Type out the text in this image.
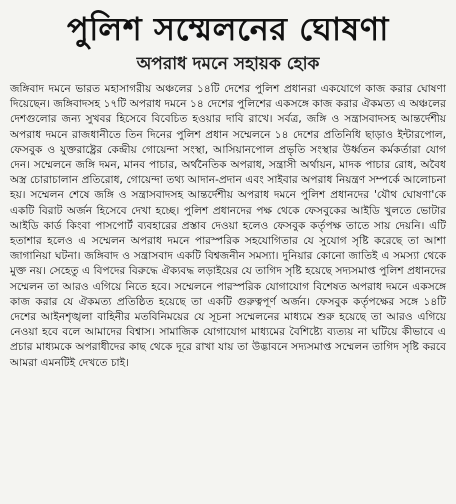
পুলিশ সম্মেলনের ঘোষণা
অপরাধ দমনে সহায়ক হোক

জঙ্গিবাদ দমনে ভারত মহাসাগরীয় অঞ্চলের ১৪টি দেশের পুলিশ প্রধানরা একযোগে কাজ করার ঘোষণা দিয়েছেন। জঙ্গিবাদসহ ১৭টি অপরাধ দমনে ১৪ দেশের পুলিশের একসঙ্গে কাজ করার ঐকমত্য এ অঞ্চলের দেশগুলোর জন্য সুখবর হিসেবে বিবেচিত হওয়ার দাবি রাখে। সর্বত্র, জঙ্গি ও সন্ত্রাসবাদসহ আন্তর্দেশীয় অপরাধ দমনে রাজধানীতে তিন দিনের পুলিশ প্রধান সম্মেলনে ১৪ দেশের প্রতিনিধি ছাড়াও ইন্টারপোল, ফেসবুক ও যুক্তরাষ্ট্রের কেন্দ্রীয় গোয়েন্দা সংস্থা, আসিয়ানপোল প্রভৃতি সংস্থার উর্ধ্বতন কর্মকর্তারা যোগ দেন। সম্মেলনে জঙ্গি দমন, মানব পাচার, অর্থনৈতিক অপরাধ, সন্ত্রাসী অর্থায়ন, মাদক পাচার রোধ, অবৈধ অস্ত্র চোরাচালান প্রতিরোধ, গোয়েন্দা তথ্য আদান-প্রদান এবং সাইবার অপরাধ নিয়ন্ত্রণ সম্পর্কে আলোচনা হয়। সম্মেলন শেষে জঙ্গি ও সন্ত্রাসবাদসহ আন্তর্দেশীয় অপরাধ দমনে পুলিশ প্রধানদের 'যৌথ ঘোষণা'কে একটি বিরাট অর্জন হিসেবে দেখা হচ্ছে। পুলিশ প্রধানদের পক্ষ থেকে ফেসবুকের আইডি খুলতে ভোটার আইডি কার্ড কিংবা পাসপোর্ট ব্যবহারের প্রস্তাব দেওয়া হলেও ফেসবুক কর্তৃপক্ষ তাতে সায় দেয়নি। এটি হতাশার হলেও এ সম্মেলন অপরাধ দমনে পারস্পরিক সহযোগিতার যে সুযোগ সৃষ্টি করেছে তা আশা জাগানিয়া ঘটনা। জঙ্গিবাদ ও সন্ত্রাসবাদ একটি বিশ্বজনীন সমস্যা। দুনিয়ার কোনো জাতিই এ সমস্যা থেকে মুক্ত নয়। সেহেতু এ বিপদের বিরুদ্ধে ঐক্যবদ্ধ লড়াইয়ের যে তাগিদ সৃষ্টি হয়েছে সদ্যসমাপ্ত পুলিশ প্রধানদের সম্মেলন তা আরও এগিয়ে নিতে হবে। সম্মেলনে পারস্পরিক যোগাযোগ বিশেষত অপরাধ দমনে একসঙ্গে কাজ করার যে ঐকমত্য প্রতিষ্ঠিত হয়েছে তা একটি গুরুত্বপূর্ণ অর্জন। ফেসবুক কর্তৃপক্ষের সঙ্গে ১৪টি দেশের আইনশৃঙ্খলা বাহিনীর মতবিনিময়ের যে সূচনা সম্মেলনের মাধ্যমে শুরু হয়েছে তা আরও এগিয়ে নেওয়া হবে বলে আমাদের বিশ্বাস। সামাজিক যোগাযোগ মাধ্যমের বৈশিষ্ট্যে ব্যত্যয় না ঘটিয়ে কীভাবে এ প্রচার মাধ্যমকে অপরাধীদের কাছ থেকে দূরে রাখা যায় তা উদ্ভাবনে সদ্যসমাপ্ত সম্মেলন তাগিদ সৃষ্টি করবে আমরা এমনটিই দেখতে চাই।
